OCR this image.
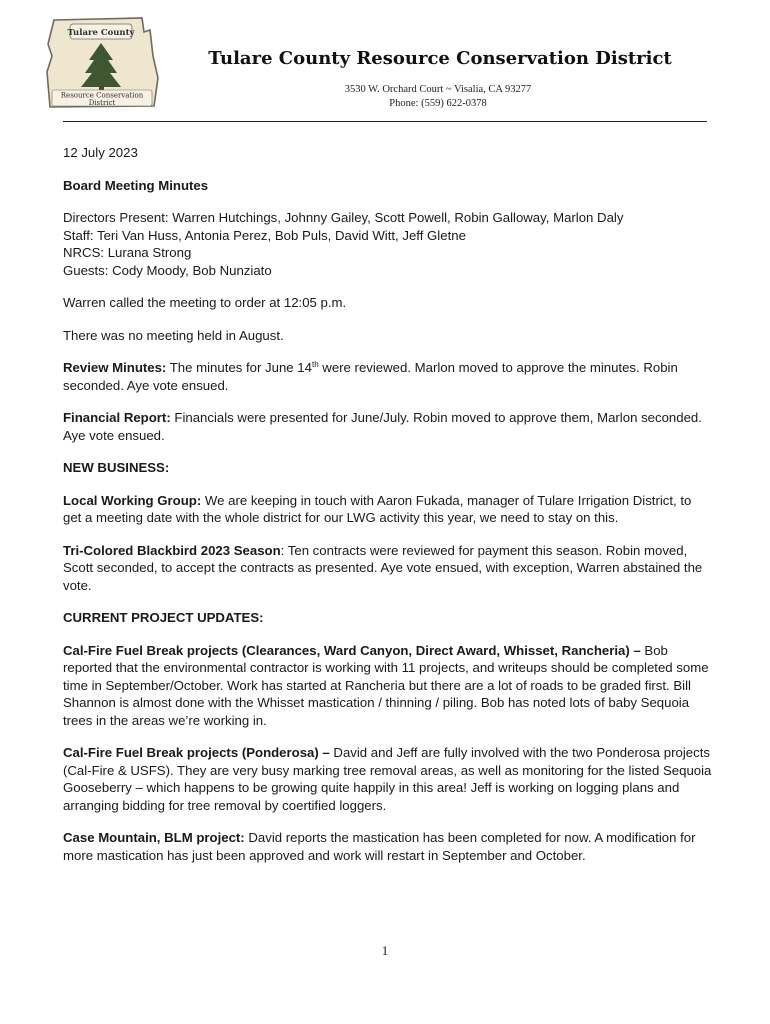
Tulare County
Resource Conservation
District
Tulare County Resource Conservation District
3530 W. Orchard Court ~ Visalia, CA 93277
Phone: (559) 622-0378

12 July 2023

Board Meeting Minutes

Directors Present: Warren Hutchings, Johnny Gailey, Scott Powell, Robin Galloway, Marlon Daly
Staff: Teri Van Huss, Antonia Perez, Bob Puls, David Witt, Jeff Gletne
NRCS: Lurana Strong
Guests: Cody Moody, Bob Nunziato

Warren called the meeting to order at 12:05 p.m.

There was no meeting held in August.

Review Minutes: The minutes for June 14th were reviewed. Marlon moved to approve the minutes. Robin seconded. Aye vote ensued.

Financial Report: Financials were presented for June/July. Robin moved to approve them, Marlon seconded. Aye vote ensued.

NEW BUSINESS:

Local Working Group: We are keeping in touch with Aaron Fukada, manager of Tulare Irrigation District, to get a meeting date with the whole district for our LWG activity this year, we need to stay on this.

Tri-Colored Blackbird 2023 Season: Ten contracts were reviewed for payment this season. Robin moved, Scott seconded, to accept the contracts as presented. Aye vote ensued, with exception, Warren abstained the vote.

CURRENT PROJECT UPDATES:

Cal-Fire Fuel Break projects (Clearances, Ward Canyon, Direct Award, Whisset, Rancheria) – Bob reported that the environmental contractor is working with 11 projects, and writeups should be completed some time in September/October. Work has started at Rancheria but there are a lot of roads to be graded first. Bill Shannon is almost done with the Whisset mastication / thinning / piling. Bob has noted lots of baby Sequoia trees in the areas we’re working in.

Cal-Fire Fuel Break projects (Ponderosa) – David and Jeff are fully involved with the two Ponderosa projects (Cal-Fire & USFS). They are very busy marking tree removal areas, as well as monitoring for the listed Sequoia Gooseberry – which happens to be growing quite happily in this area! Jeff is working on logging plans and arranging bidding for tree removal by coertified loggers.

Case Mountain, BLM project: David reports the mastication has been completed for now. A modification for more mastication has just been approved and work will restart in September and October.

1
